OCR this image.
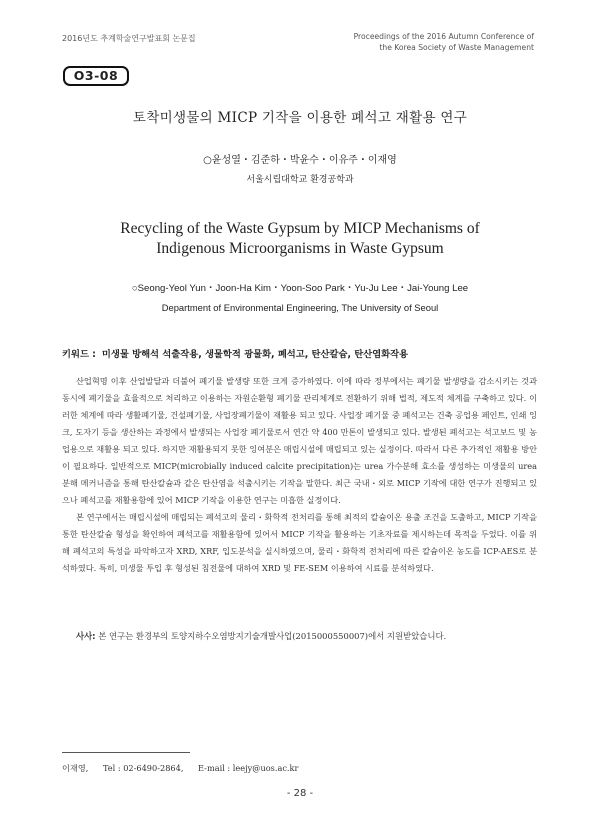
2016년도 추계학술연구발표회 논문집	Proceedings of the 2016 Autumn Conference of
the Korea Society of Waste Management
O3-08
토착미생물의 MICP 기작을 이용한 폐석고 재활용 연구
○윤성열・김준하・박윤수・이유주・이재영
서울시립대학교 환경공학과
Recycling of the Waste Gypsum by MICP Mechanisms of
Indigenous Microorganisms in Waste Gypsum
○Seong-Yeol Yun・Joon-Ha Kim・Yoon-Soo Park・Yu-Ju Lee・Jai-Young Lee
Department of Environmental Engineering, The University of Seoul
키워드 : 미생물 방해석 석출작용, 생물학적 광물화, 폐석고, 탄산칼슘, 탄산염화작용

산업혁명 이후 산업발달과 더불어 폐기물 발생량 또한 크게 증가하였다. 이에 따라 정부에서는 폐기물 발생량을 감소시키는 것과 동시에 폐기물을 효율적으로 처리하고 이용하는 자원순환형 폐기물 관리체계로 전환하기 위해 법적, 제도적 체계를 구축하고 있다. 이러한 체계에 따라 생활폐기물, 건설폐기물, 사업장폐기물이 재활용 되고 있다. 사업장 폐기물 중 폐석고는 건축 공업용 페인트, 인쇄 잉크, 도자기 등을 생산하는 과정에서 발생되는 사업장 폐기물로서 연간 약 400 만톤이 발생되고 있다. 발생된 폐석고는 석고보드 및 농업용으로 재활용 되고 있다. 하지만 재활용되지 못한 잉여분은 매립시설에 매립되고 있는 실정이다. 따라서 다른 추가적인 재활용 방안이 필요하다. 일반적으로 MICP(microbially induced calcite precipitation)는 urea 가수분해 효소를 생성하는 미생물의 urea 분해 메커니즘을 통해 탄산칼슘과 같은 탄산염을 석출시키는 기작을 말한다. 최근 국내・외로 MICP 기작에 대한 연구가 진행되고 있으나 폐석고를 재활용함에 있어 MICP 기작을 이용한 연구는 미흡한 실정이다.

본 연구에서는 매립시설에 매립되는 폐석고의 물리・화학적 전처리를 통해 최적의 칼슘이온 용출 조건을 도출하고, MICP 기작을 통한 탄산칼슘 형성을 확인하여 폐석고를 재활용함에 있어서 MICP 기작을 활용하는 기초자료를 제시하는데 목적을 두었다. 이를 위해 폐석고의 특성을 파악하고자 XRD, XRF, 입도분석을 실시하였으며, 물리・화학적 전처리에 따른 칼슘이온 농도를 ICP-AES로 분석하였다. 특히, 미생물 투입 후 형성된 침전물에 대하여 XRD 및 FE-SEM 이용하여 시료를 분석하였다.

사사: 본 연구는 환경부의 토양지하수오염방지기술개발사업(2015000550007)에서 지원받았습니다.
이재영, Tel : 02-6490-2864, E-mail : leejy@uos.ac.kr
- 28 -
